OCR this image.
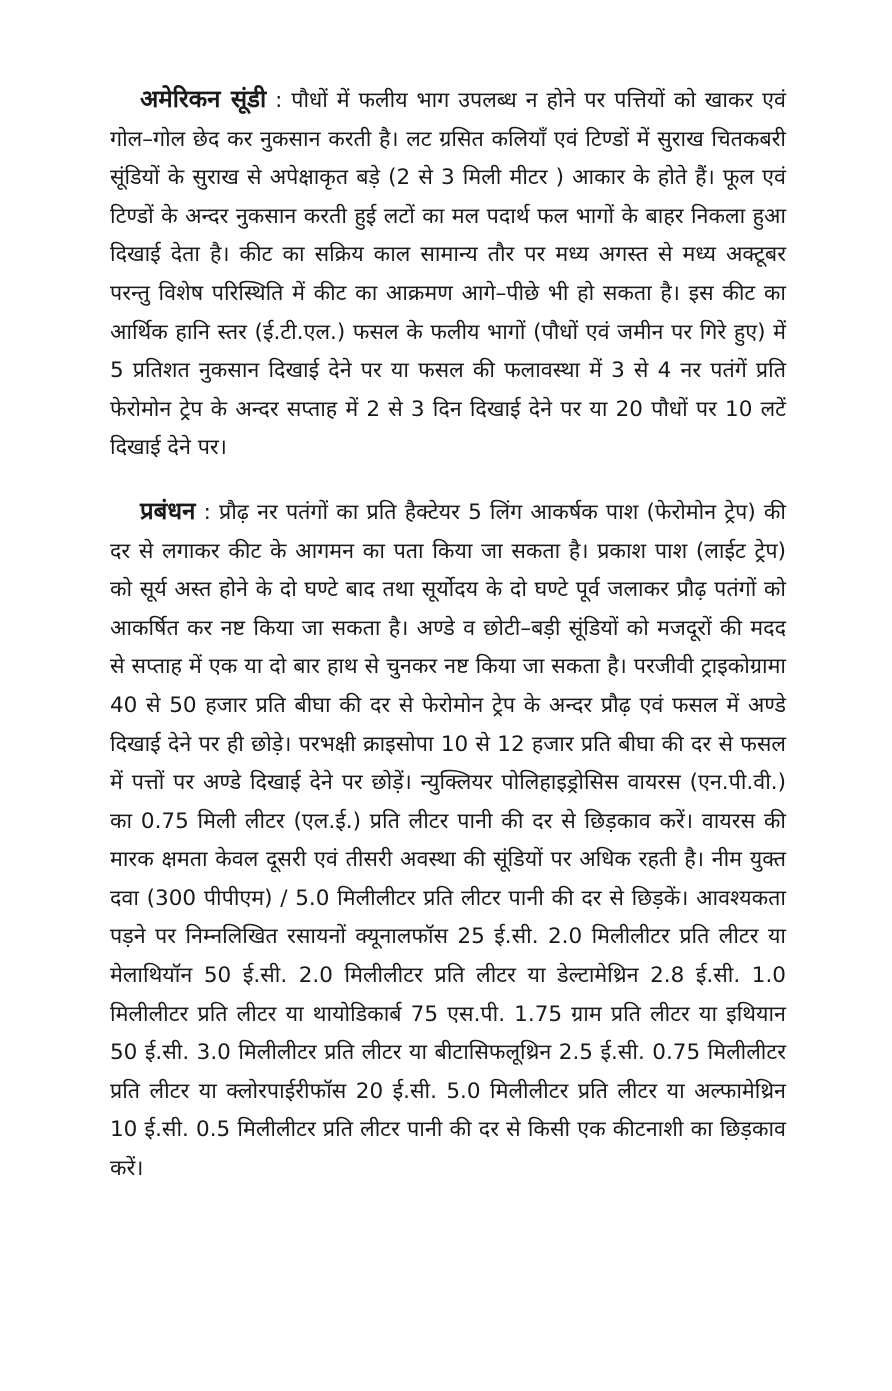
अमेरिकन सूंडी : पौधों में फलीय भाग उपलब्ध न होने पर पत्तियों को खाकर एवं गोल–गोल छेद कर नुकसान करती है। लट ग्रसित कलियाँ एवं टिण्डों में सुराख चितकबरी सूंडियों के सुराख से अपेक्षाकृत बड़े (2 से 3 मिली मीटर ) आकार के होते हैं। फूल एवं टिण्डों के अन्दर नुकसान करती हुई लटों का मल पदार्थ फल भागों के बाहर निकला हुआ दिखाई देता है। कीट का सक्रिय काल सामान्य तौर पर मध्य अगस्त से मध्य अक्टूबर परन्तु विशेष परिस्थिति में कीट का आक्रमण आगे–पीछे भी हो सकता है। इस कीट का आर्थिक हानि स्तर (ई.टी.एल.) फसल के फलीय भागों (पौधों एवं जमीन पर गिरे हुए) में 5 प्रतिशत नुकसान दिखाई देने पर या फसल की फलावस्था में 3 से 4 नर पतंगें प्रति फेरोमोन ट्रेप के अन्दर सप्ताह में 2 से 3 दिन दिखाई देने पर या 20 पौधों पर 10 लटें दिखाई देने पर।

प्रबंधन : प्रौढ़ नर पतंगों का प्रति हैक्टेयर 5 लिंग आकर्षक पाश (फेरोमोन ट्रेप) की दर से लगाकर कीट के आगमन का पता किया जा सकता है। प्रकाश पाश (लाईट ट्रेप) को सूर्य अस्त होने के दो घण्टे बाद तथा सूर्योदय के दो घण्टे पूर्व जलाकर प्रौढ़ पतंगों को आकर्षित कर नष्ट किया जा सकता है। अण्डे व छोटी–बड़ी सूंडियों को मजदूरों की मदद से सप्ताह में एक या दो बार हाथ से चुनकर नष्ट किया जा सकता है। परजीवी ट्राइकोग्रामा 40 से 50 हजार प्रति बीघा की दर से फेरोमोन ट्रेप के अन्दर प्रौढ़ एवं फसल में अण्डे दिखाई देने पर ही छोड़े। परभक्षी क्राइसोपा 10 से 12 हजार प्रति बीघा की दर से फसल में पत्तों पर अण्डे दिखाई देने पर छोड़ें। न्युक्लियर पोलिहाइड्रोसिस वायरस (एन.पी.वी.) का 0.75 मिली लीटर (एल.ई.) प्रति लीटर पानी की दर से छिड़काव करें। वायरस की मारक क्षमता केवल दूसरी एवं तीसरी अवस्था की सूंडियों पर अधिक रहती है। नीम युक्त दवा (300 पीपीएम) / 5.0 मिलीलीटर प्रति लीटर पानी की दर से छिड़कें। आवश्यकता पड़ने पर निम्नलिखित रसायनों क्यूनालफॉस 25 ई.सी. 2.0 मिलीलीटर प्रति लीटर या मेलाथियॉन 50 ई.सी. 2.0 मिलीलीटर प्रति लीटर या डेल्टामेथ्रिन 2.8 ई.सी. 1.0 मिलीलीटर प्रति लीटर या थायोडिकार्ब 75 एस.पी. 1.75 ग्राम प्रति लीटर या इथियान 50 ई.सी. 3.0 मिलीलीटर प्रति लीटर या बीटासिफलूथ्रिन 2.5 ई.सी. 0.75 मिलीलीटर प्रति लीटर या क्लोरपाईरीफॉस 20 ई.सी. 5.0 मिलीलीटर प्रति लीटर या अल्फामेथ्रिन 10 ई.सी. 0.5 मिलीलीटर प्रति लीटर पानी की दर से किसी एक कीटनाशी का छिड़काव करें।
